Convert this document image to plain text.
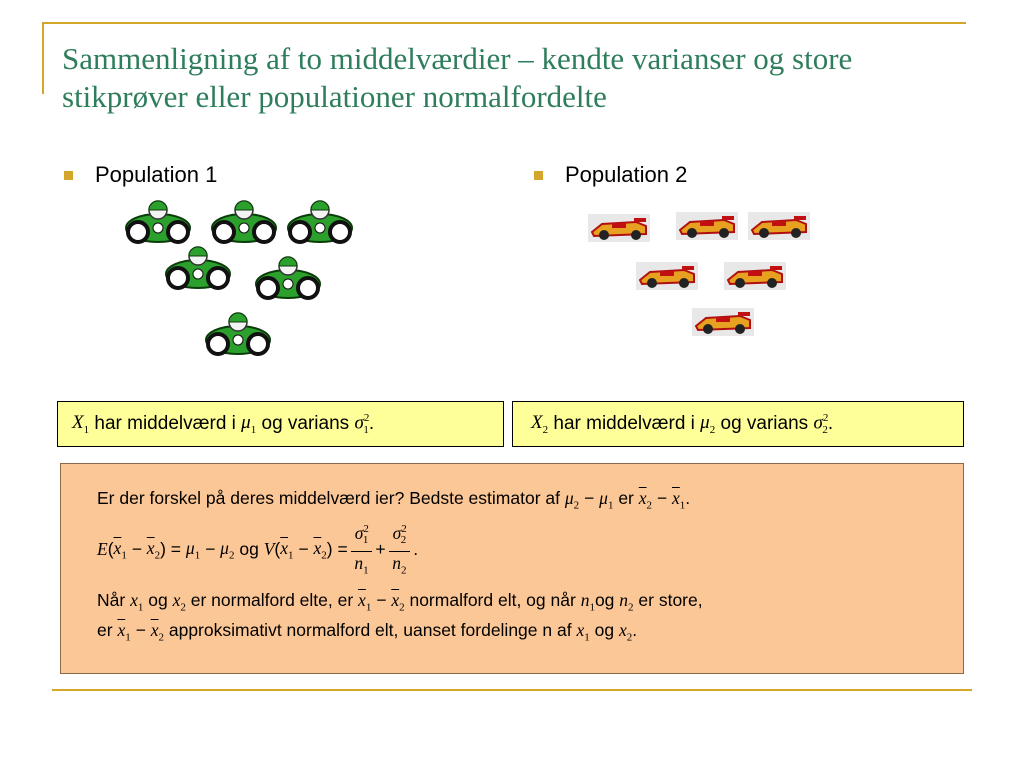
Sammenligning af to middelværdier – kendte varianser og store stikprøver eller populationer normalfordelte
Population 1	Population 2
$X_1$
har middelværd i
$\mu_1$
og varians
$\sigma^2_1$ .	$X_2$
har middelværd i
$\mu_2$
og varians
$\sigma^2_2$ .
Er der forskel på deres middelværd ier? Bedste estimator af $\mu_2 - \mu_1$ er $\overline{x}_2 - \overline{x}_1$.
E ( $\overline{x}_1$
−
$\overline{x}_2$ ) =
$\mu_1$
−
$\mu_2$
og
V ( $\overline{x}_1$
−
$\overline{x}_2$ ) = $\frac{\sigma^2_1}{n_1} + \frac{\sigma^2_2}{n_2}$ .
Når $x_1$ og $x_2$ er normalford elte, er $\overline{x}_1 - \overline{x}_2$ normalford elt, og når $n_1og$ $n_2$ er store,
er $\overline{x}_1 - \overline{x}_2$ approksimativt normalford elt, uanset fordelinge n af $x_1$ og $x_2$.
